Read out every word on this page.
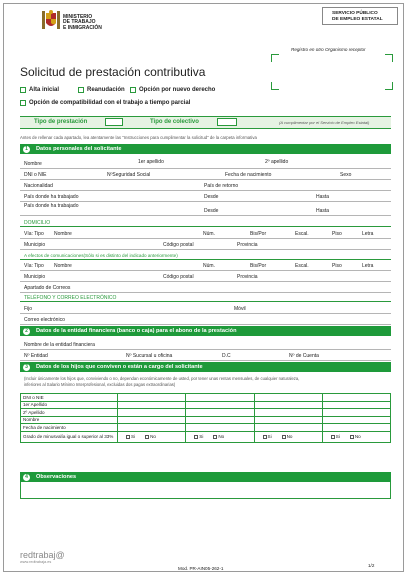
MINISTERIO
DE TRABAJO
E INMIGRACIÓN
SERVICIO PÚBLICO
DE EMPLEO ESTATAL
Registro en otro Organismo receptor
Solicitud de prestación contributiva
Alta inicial	Reanudación Opción por nuevo derecho
Opción de compatibilidad con el trabajo a tiempo parcial
Tipo de prestación	Tipo de colectivo	(A cumplimentar por el Servicio de Empleo Estatal)
Antes de rellenar cada apartado, lea atentamente las "Instrucciones para cumplimentar la solicitud" de la carpeta informativa
1	Datos personales del solicitante
Nombre	1er apellido	2º apellido
DNI o NIE	NºSeguridad Social	Fecha de nacimiento	Sexo
Nacionalidad	País de retorno
País donde ha trabajado	Desde	Hasta
País donde ha trabajado
Desde	Hasta
DOMICILIO
Vía: Tipo Nombre	Núm.	Bis/Por	Escal.	Piso	Letra
Municipio	Código postal	Provincia
A efectos de comunicaciones(Sólo si es distinto del indicado anteriormente)
Vía: Tipo Nombre	Núm.	Bis/Por	Escal.	Piso	Letra
Municipio	Código postal	Provincia
Apartado de Correos
TELÉFONO Y CORREO ELECTRÓNICO
Fijo	Móvil
Correo electrónico
2	Datos de la entidad financiera (banco o caja) para el abono de la prestación
Nombre de la entidad financiera
Nº Entidad	Nº Sucursal u oficina	D.C	Nº de Cuenta
3	Datos de los hijos que conviven o están a cargo del solicitante
(Incluir únicamente los hijos que, conviviendo o no, dependan económicamente de usted, por tener unas rentas mensuales, de cualquier naturaleza,
inferiores al Salario Mínimo Interprofesional, excluidas dos pagas extraordinarias)
DNI o NIE				
1er Apellido				
2º Apellido				
Nombre				
Fecha de nacimiento				
Grado de minusvalía igual o superior al 33%	Si No	Si No	Si No	Si No
4	Observaciones
redtrabaj@
www.redtrabaja.es
Mod. PR-AIN05-262-1
1/2
